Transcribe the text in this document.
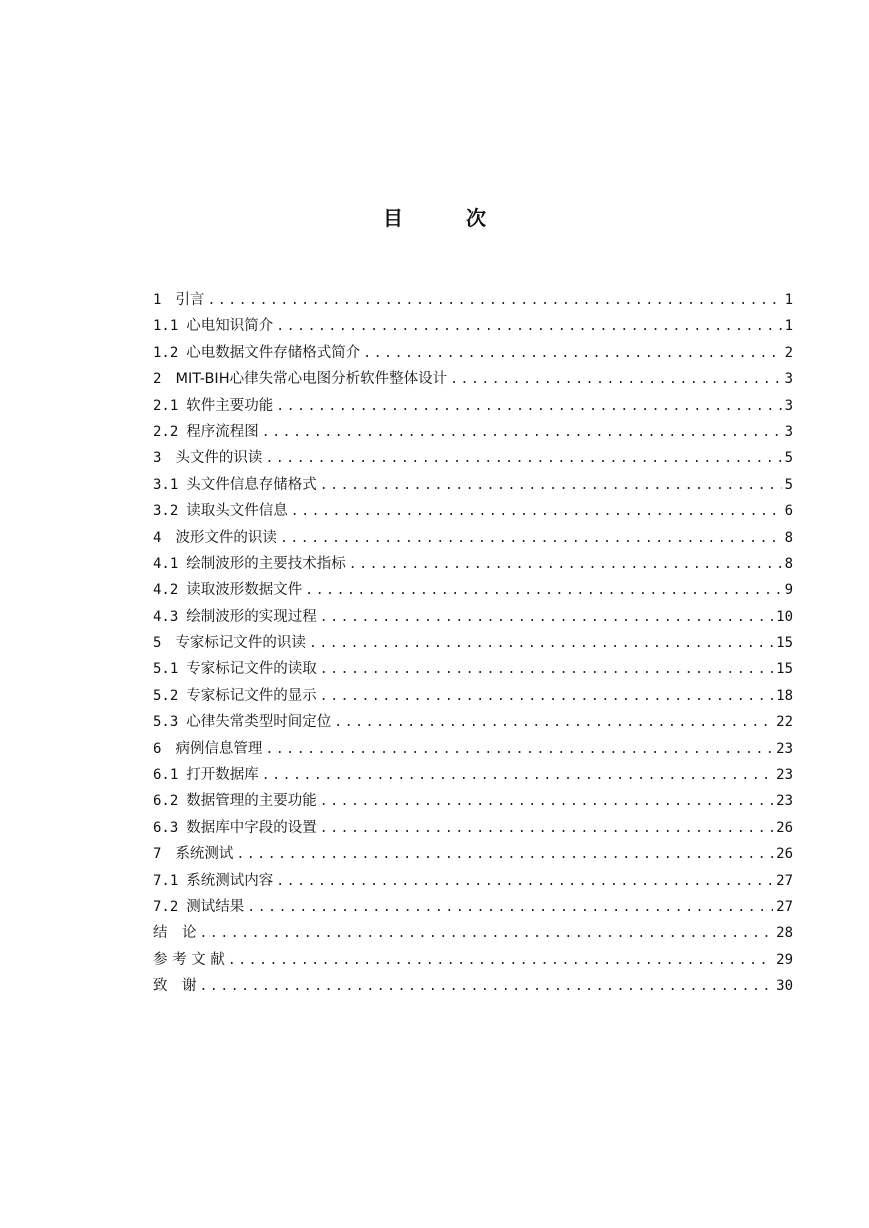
目 次
1 引言 .....	1
1.1 心电知识简介 .....	1
1.2 心电数据文件存储格式简介 .....	2
2 MIT-BIH心律失常心电图分析软件整体设计 .....	3
2.1 软件主要功能 .....	3
2.2 程序流程图 .....	3
3 头文件的识读 .....	5
3.1 头文件信息存储格式 .....	5
3.2 读取头文件信息 .....	6
4 波形文件的识读 .....	8
4.1 绘制波形的主要技术指标 .....	8
4.2 读取波形数据文件 .....	9
4.3 绘制波形的实现过程 .....	10
5 专家标记文件的识读 .....	15
5.1 专家标记文件的读取 .....	15
5.2 专家标记文件的显示 .....	18
5.3 心律失常类型时间定位 .....	22
6 病例信息管理 .....	23
6.1 打开数据库 .....	23
6.2 数据管理的主要功能 .....	23
6.3 数据库中字段的设置 .....	26
7 系统测试 .....	26
7.1 系统测试内容 .....	27
7.2 测试结果 .....	27
结　论 .....	28
参 考 文 献 .....	29
致　谢 .....	30
